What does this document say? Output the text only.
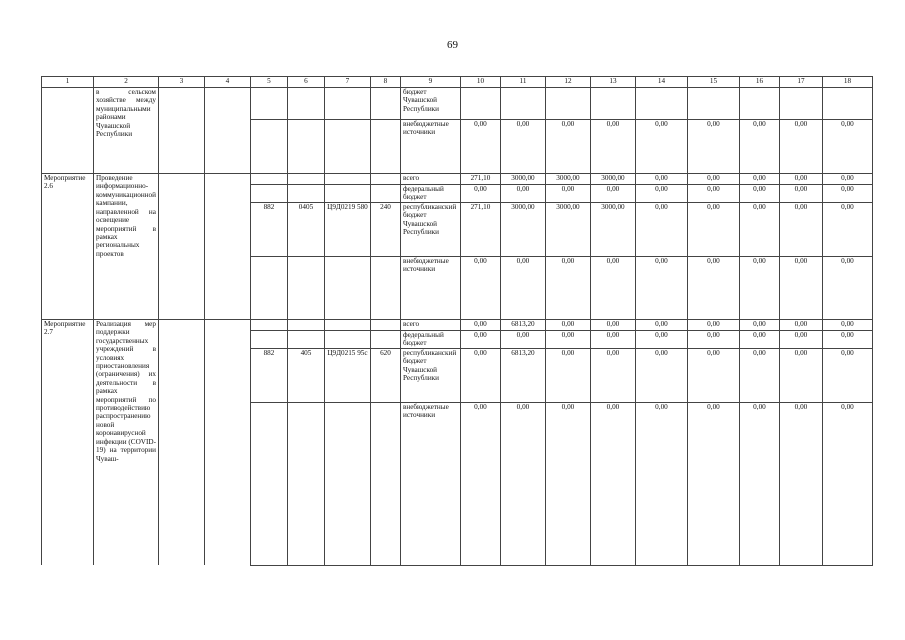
69
1	2	3	4	5	6	7	8	9	10	11	12	13	14	15	16	17	18
	в сельском хозяйстве между муниципальными районами Чувашской Республики							бюджет Чувашской Республики									
								внебюджетные источники	0,00	0,00	0,00	0,00	0,00	0,00	0,00	0,00	0,00
Мероприятие 2.6	Проведение информационно-коммуникационной кампании, направленной на освещение мероприятий в рамках региональных проектов							всего	271,10	3000,00	3000,00	3000,00	0,00	0,00	0,00	0,00	0,00
								федеральный бюджет	0,00	0,00	0,00	0,00	0,00	0,00	0,00	0,00	0,00
				882	0405	Ц9Д0219 580	240	республиканский бюджет Чувашской Республики	271,10	3000,00	3000,00	3000,00	0,00	0,00	0,00	0,00	0,00
								внебюджетные источники	0,00	0,00	0,00	0,00	0,00	0,00	0,00	0,00	0,00
Мероприятие 2.7	Реализация мер поддержки государственных учреждений в условиях приостановления (ограничения) их деятельности в рамках мероприятий по противодействию распространению новой коронавирусной инфекции (COVID-19) на территории Чуваш-							всего	0,00	6813,20	0,00	0,00	0,00	0,00	0,00	0,00	0,00
								федеральный бюджет	0,00	0,00	0,00	0,00	0,00	0,00	0,00	0,00	0,00
				882	405	Ц9Д0215 95с	620	республиканский бюджет Чувашской Республики	0,00	6813,20	0,00	0,00	0,00	0,00	0,00	0,00	0,00
								внебюджетные источники	0,00	0,00	0,00	0,00	0,00	0,00	0,00	0,00	0,00
